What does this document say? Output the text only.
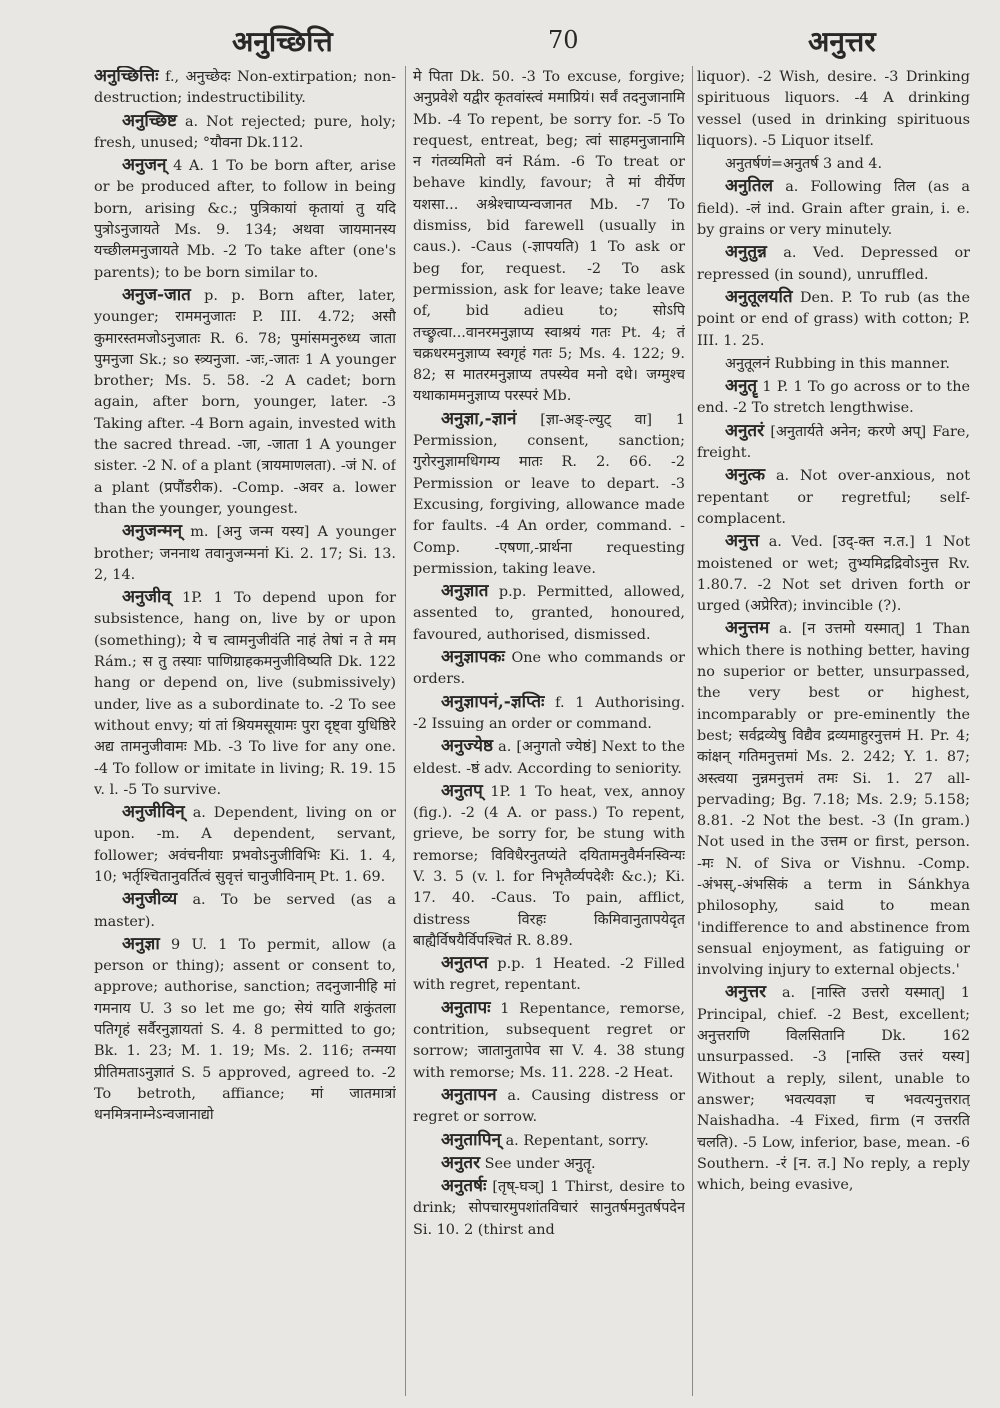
अनुच्छित्ति	70	अनुत्तर

अनुच्छित्तिः f., अनुच्छेदः Non-extirpation; non-destruction; indestructibility.

अनुच्छिष्ट a. Not rejected; pure, holy; fresh, unused; °यौवना Dk.112.

अनुजन् 4 A. 1 To be born after, arise or be produced after, to follow in being born, arising &c.; पुत्रिकायां कृतायां तु यदि पुत्रोऽनुजायते Ms. 9. 134; अथवा जायमानस्य यच्छीलमनुजायते Mb. -2 To take after (one's parents); to be born similar to.

अनुज-जात p. p. Born after, later, younger; राममनुजातः P. III. 4.72; असौ कुमारस्तमजोऽनुजातः R. 6. 78; पुमांसमनुरुध्य जाता पुमनुजा Sk.; so स्त्र्यनुजा. -जः,-जातः 1 A younger brother; Ms. 5. 58. -2 A cadet; born again, after born, younger, later. -3 Taking after. -4 Born again, invested with the sacred thread. -जा, -जाता 1 A younger sister. -2 N. of a plant (त्रायमाणलता). -जं N. of a plant (प्रपौंडरीक). -Comp. -अवर a. lower than the younger, youngest.

अनुजन्मन् m. [अनु जन्म यस्य] A younger brother; जननाथ तवानुजन्मनां Ki. 2. 17; Si. 13. 2, 14.

अनुजीव् 1P. 1 To depend upon for subsistence, hang on, live by or upon (something); ये च त्वामनुजीवंति नाहं तेषां न ते मम Rám.; स तु तस्याः पाणिग्राहकमनुजीविष्यति Dk. 122 hang or depend on, live (submissively) under, live as a subordinate to. -2 To see without envy; यां तां श्रियमसूयामः पुरा दृष्ट्वा युधिष्ठिरे अद्य तामनुजीवामः Mb. -3 To live for any one. -4 To follow or imitate in living; R. 19. 15 v. l. -5 To survive.

अनुजीविन् a. Dependent, living on or upon. -m. A dependent, servant, follower; अवंचनीयाः प्रभवोऽनुजीविभिः Ki. 1. 4, 10; भर्तृश्चितानुवर्तित्वं सुवृत्तं चानुजीविनाम् Pt. 1. 69.

अनुजीव्य a. To be served (as a master).

अनुज्ञा 9 U. 1 To permit, allow (a person or thing); assent or consent to, approve; authorise, sanction; तदनुजानीहि मां गमनाय U. 3 so let me go; सेयं याति शकुंतला पतिगृहं सर्वैरनुज्ञायतां S. 4. 8 permitted to go; Bk. 1. 23; M. 1. 19; Ms. 2. 116; तन्मया प्रीतिमताऽनुज्ञातं S. 5 approved, agreed to. -2 To betroth, affiance; मां जातमात्रां धनमित्रनाम्नेऽन्वजानाद्यो

मे पिता Dk. 50. -3 To excuse, forgive; अनुप्रवेशे यद्वीर कृतवांस्त्वं ममाप्रियं। सर्वं तदनुजानामि Mb. -4 To repent, be sorry for. -5 To request, entreat, beg; त्वां साहमनुजानामि न गंतव्यमितो वनं Rám. -6 To treat or behave kindly, favour; ते मां वीर्येण यशसा... अश्रेश्चाप्यन्वजानत Mb. -7 To dismiss, bid farewell (usually in caus.). -Caus (-ज्ञापयति) 1 To ask or beg for, request. -2 To ask permission, ask for leave; take leave of, bid adieu to; सोऽपि तच्छ्रुत्वा...वानरमनुज्ञाप्य स्वाश्रयं गतः Pt. 4; तं चक्रधरमनुज्ञाप्य स्वगृहं गतः 5; Ms. 4. 122; 9. 82; स मातरमनुज्ञाप्य तपस्येव मनो दधे। जग्मुश्च यथाकाममनुज्ञाप्य परस्परं Mb.

अनुज्ञा,-ज्ञानं [ज्ञा-अङ्-ल्युट् वा] 1 Permission, consent, sanction; गुरोरनुज्ञामधिगम्य मातः R. 2. 66. -2 Permission or leave to depart. -3 Excusing, forgiving, allowance made for faults. -4 An order, command. -Comp. -एषणा,-प्रार्थना requesting permission, taking leave.

अनुज्ञात p.p. Permitted, allowed, assented to, granted, honoured, favoured, authorised, dismissed.

अनुज्ञापकः One who commands or orders.

अनुज्ञापनं,-ज्ञप्तिः f. 1 Authorising. -2 Issuing an order or command.

अनुज्येष्ठ a. [अनुगतो ज्येष्ठं] Next to the eldest. -ष्ठं adv. According to seniority.

अनुतप् 1P. 1 To heat, vex, annoy (fig.). -2 (4 A. or pass.) To repent, grieve, be sorry for, be stung with remorse; विविधैरनुतप्यंते दयितामनुवैर्मनस्विन्यः V. 3. 5 (v. l. for निभृतैर्व्यपदेशैः &c.); Ki. 17. 40. -Caus. To pain, afflict, distress विरहः किमिवानुतापयेदृत बाह्यैर्विषयैर्विपश्चितं R. 8.89.

अनुतप्त p.p. 1 Heated. -2 Filled with regret, repentant.

अनुतापः 1 Repentance, remorse, contrition, subsequent regret or sorrow; जातानुतापेव सा V. 4. 38 stung with remorse; Ms. 11. 228. -2 Heat.

अनुतापन a. Causing distress or regret or sorrow.

अनुतापिन् a. Repentant, sorry.

अनुतर See under अनुतॄ.

अनुतर्षः [तृष्-घञ्] 1 Thirst, desire to drink; सोपचारमुपशांतविचारं सानुतर्षमनुतर्षपदेन Si. 10. 2 (thirst and

liquor). -2 Wish, desire. -3 Drinking spirituous liquors. -4 A drinking vessel (used in drinking spirituous liquors). -5 Liquor itself.

अनुतर्षणं=अनुतर्ष 3 and 4.

अनुतिल a. Following तिल (as a field). -लं ind. Grain after grain, i. e. by grains or very minutely.

अनुतुन्न a. Ved. Depressed or repressed (in sound), unruffled.

अनुतूलयति Den. P. To rub (as the point or end of grass) with cotton; P. III. 1. 25.

अनुतूलनं Rubbing in this manner.

अनुतॄ 1 P. 1 To go across or to the end. -2 To stretch lengthwise.

अनुतरं [अनुतार्यते अनेन; करणे अप्] Fare, freight.

अनुत्क a. Not over-anxious, not repentant or regretful; self-complacent.

अनुत्त a. Ved. [उद्-क्त न.त.] 1 Not moistened or wet; तुभ्यमिद्रद्रिवोऽनुत्त Rv. 1.80.7. -2 Not set driven forth or urged (अप्रेरित); invincible (?).

अनुत्तम a. [न उत्तमो यस्मात्] 1 Than which there is nothing better, having no superior or better, unsurpassed, the very best or highest, incomparably or pre-eminently the best; सर्वद्रव्येषु विद्यैव द्रव्यमाहुरनुत्तमं H. Pr. 4; कांक्षन् गतिमनुत्तमां Ms. 2. 242; Y. 1. 87; अस्त्वया नुन्नमनुत्तमं तमः Si. 1. 27 all-pervading; Bg. 7.18; Ms. 2.9; 5.158; 8.81. -2 Not the best. -3 (In gram.) Not used in the उत्तम or first, person. -मः N. of Siva or Vishnu. -Comp. -अंभस्,-अंभसिकं a term in Sánkhya philosophy, said to mean 'indifference to and abstinence from sensual enjoyment, as fatiguing or involving injury to external objects.'

अनुत्तर a. [नास्ति उत्तरो यस्मात्] 1 Principal, chief. -2 Best, excellent; अनुत्तराणि विलसितानि Dk. 162 unsurpassed. -3 [नास्ति उत्तरं यस्य] Without a reply, silent, unable to answer; भवत्यवज्ञा च भवत्यनुत्तरात् Naishadha. -4 Fixed, firm (न उत्तरति चलति). -5 Low, inferior, base, mean. -6 Southern. -रं [न. त.] No reply, a reply which, being evasive,
